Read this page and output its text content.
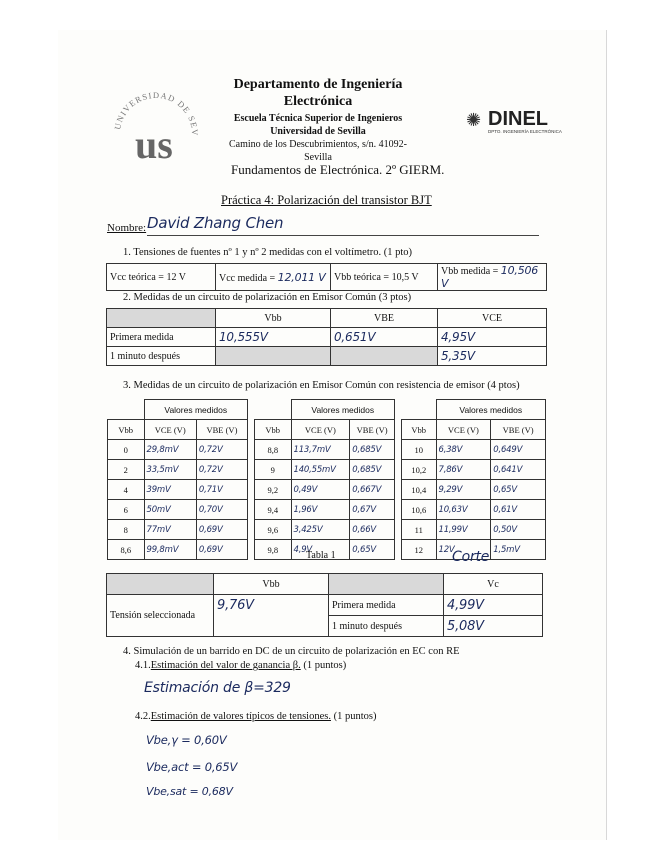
UNIVERSIDAD DE SEV
us
Departamento de Ingeniería
Electrónica
Escuela Técnica Superior de Ingenieros
Universidad de Sevilla
Camino de los Descubrimientos, s/n. 41092-Sevilla
✺ DINEL
DPTO. INGENIERÍA ELECTRÓNICA
Fundamentos de Electrónica. 2º GIERM.
Práctica 4: Polarización del transistor BJT
Nombre: David Zhang Chen
1. Tensiones de fuentes nº 1 y nº 2 medidas con el voltímetro. (1 pto)
Vcc teórica = 12 V	Vcc medida = 12,011 V	Vbb teórica = 10,5 V	Vbb medida = 10,506 V
2. Medidas de un circuito de polarización en Emisor Común (3 ptos)
	Vbb	VBE	VCE
Primera medida	10,555V	0,651V	4,95V
1 minuto después			5,35V
3. Medidas de un circuito de polarización en Emisor Común con resistencia de emisor (4 ptos)
	Valores medidos	
Vbb	VCE (V)	VBE (V)
0	29,8mV	0,72V
2	33,5mV	0,72V
4	39mV	0,71V
6	50mV	0,70V
8	77mV	0,69V
8,6	99,8mV	0,69V
	Valores medidos	
Vbb	VCE (V)	VBE (V)
8,8	113,7mV	0,685V
9	140,55mV	0,685V
9,2	0,49V	0,667V
9,4	1,96V	0,67V
9,6	3,425V	0,66V
9,8	4,9V	0,65V
	Valores medidos	
Vbb	VCE (V)	VBE (V)
10	6,38V	0,649V
10,2	7,86V	0,641V
10,4	9,29V	0,65V
10,6	10,63V	0,61V
11	11,99V	0,50V
12	12V	1,5mV
Tabla 1	Corte
	Vbb		Vc
Tensión seleccionada	9,76V	Primera medida	4,99V
		1 minuto después	5,08V
4. Simulación de un barrido en DC de un circuito de polarización en EC con RE
4.1.Estimación del valor de ganancia β. (1 puntos)
Estimación de β=329
4.2.Estimación de valores típicos de tensiones. (1 puntos)
Vbe,γ = 0,60V
Vbe,act = 0,65V
Vbe,sat = 0,68V
